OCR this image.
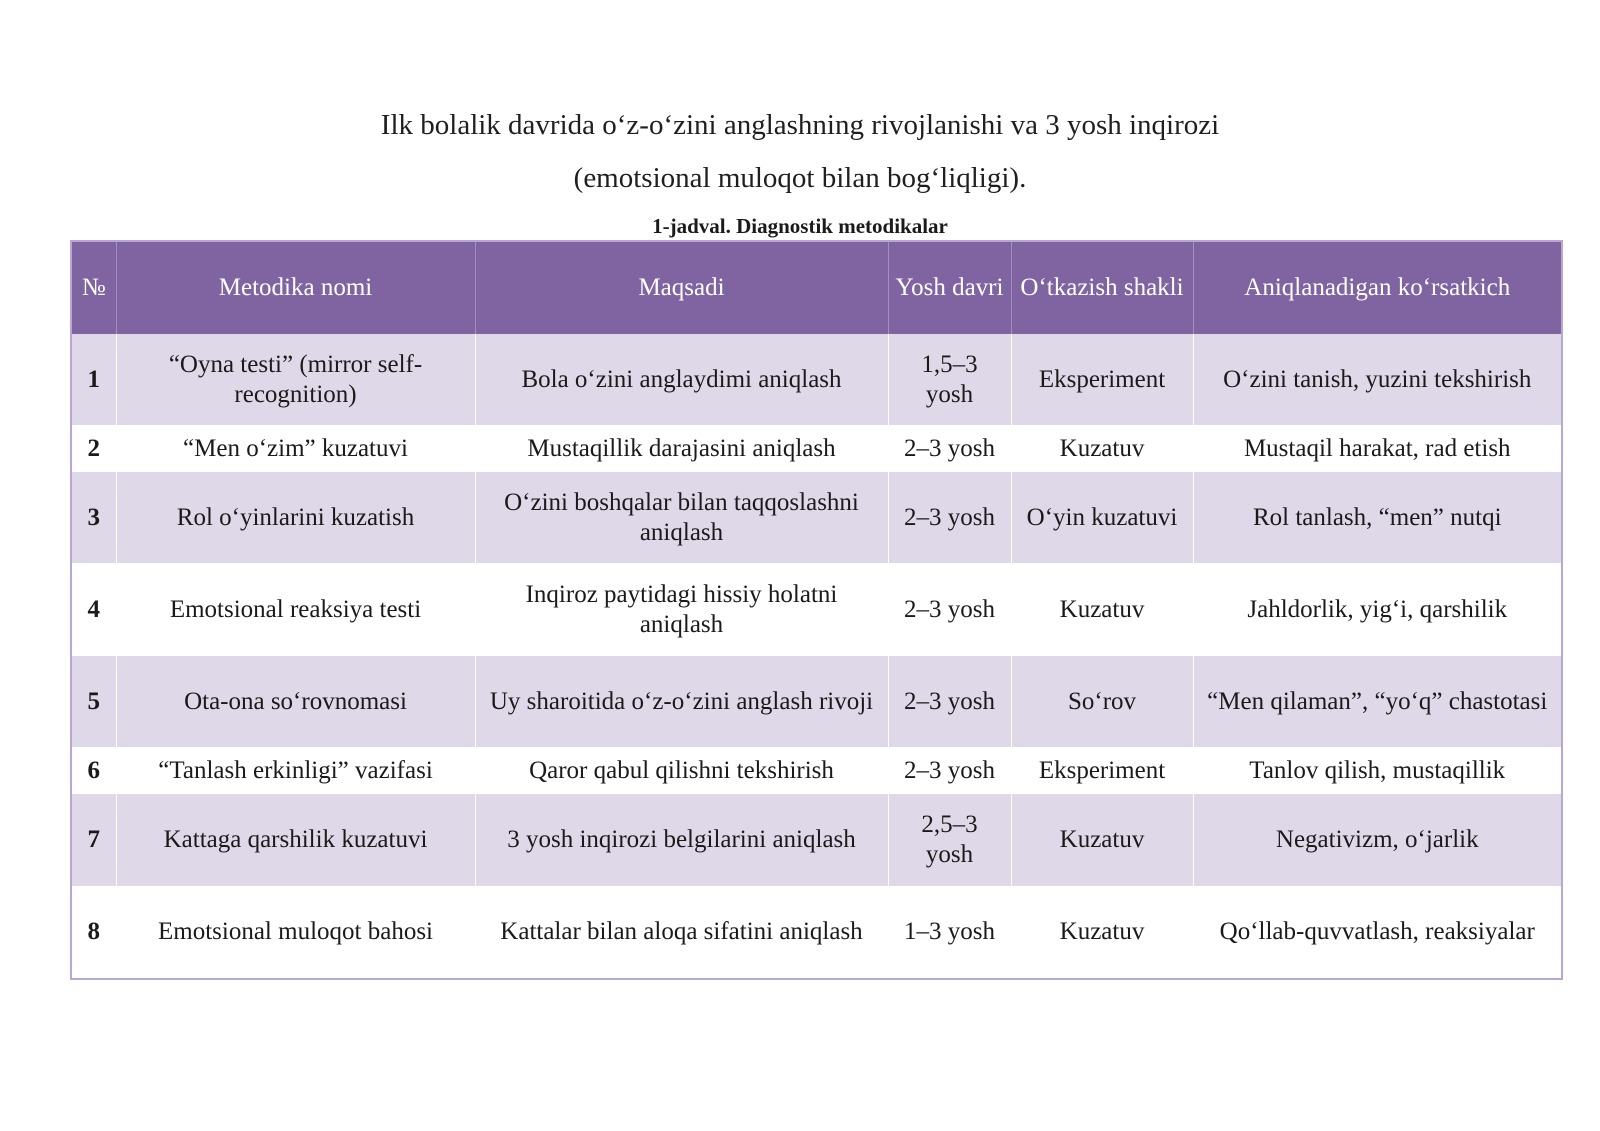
Ilk bolalik davrida o‘z-o‘zini anglashning rivojlanishi va 3 yosh inqirozi
(emotsional muloqot bilan bog‘liqligi).
1-jadval. Diagnostik metodikalar
№	Metodika nomi	Maqsadi	Yosh davri	O‘tkazish shakli	Aniqlanadigan ko‘rsatkich
1	“Oyna testi” (mirror self-recognition)	Bola o‘zini anglaydimi aniqlash	1,5–3 yosh	Eksperiment	O‘zini tanish, yuzini tekshirish
2	“Men o‘zim” kuzatuvi	Mustaqillik darajasini aniqlash	2–3 yosh	Kuzatuv	Mustaqil harakat, rad etish
3	Rol o‘yinlarini kuzatish	O‘zini boshqalar bilan taqqoslashni aniqlash	2–3 yosh	O‘yin kuzatuvi	Rol tanlash, “men” nutqi
4	Emotsional reaksiya testi	Inqiroz paytidagi hissiy holatni aniqlash	2–3 yosh	Kuzatuv	Jahldorlik, yig‘i, qarshilik
5	Ota-ona so‘rovnomasi	Uy sharoitida o‘z-o‘zini anglash rivoji	2–3 yosh	So‘rov	“Men qilaman”, “yo‘q” chastotasi
6	“Tanlash erkinligi” vazifasi	Qaror qabul qilishni tekshirish	2–3 yosh	Eksperiment	Tanlov qilish, mustaqillik
7	Kattaga qarshilik kuzatuvi	3 yosh inqirozi belgilarini aniqlash	2,5–3 yosh	Kuzatuv	Negativizm, o‘jarlik
8	Emotsional muloqot bahosi	Kattalar bilan aloqa sifatini aniqlash	1–3 yosh	Kuzatuv	Qo‘llab-quvvatlash, reaksiyalar
